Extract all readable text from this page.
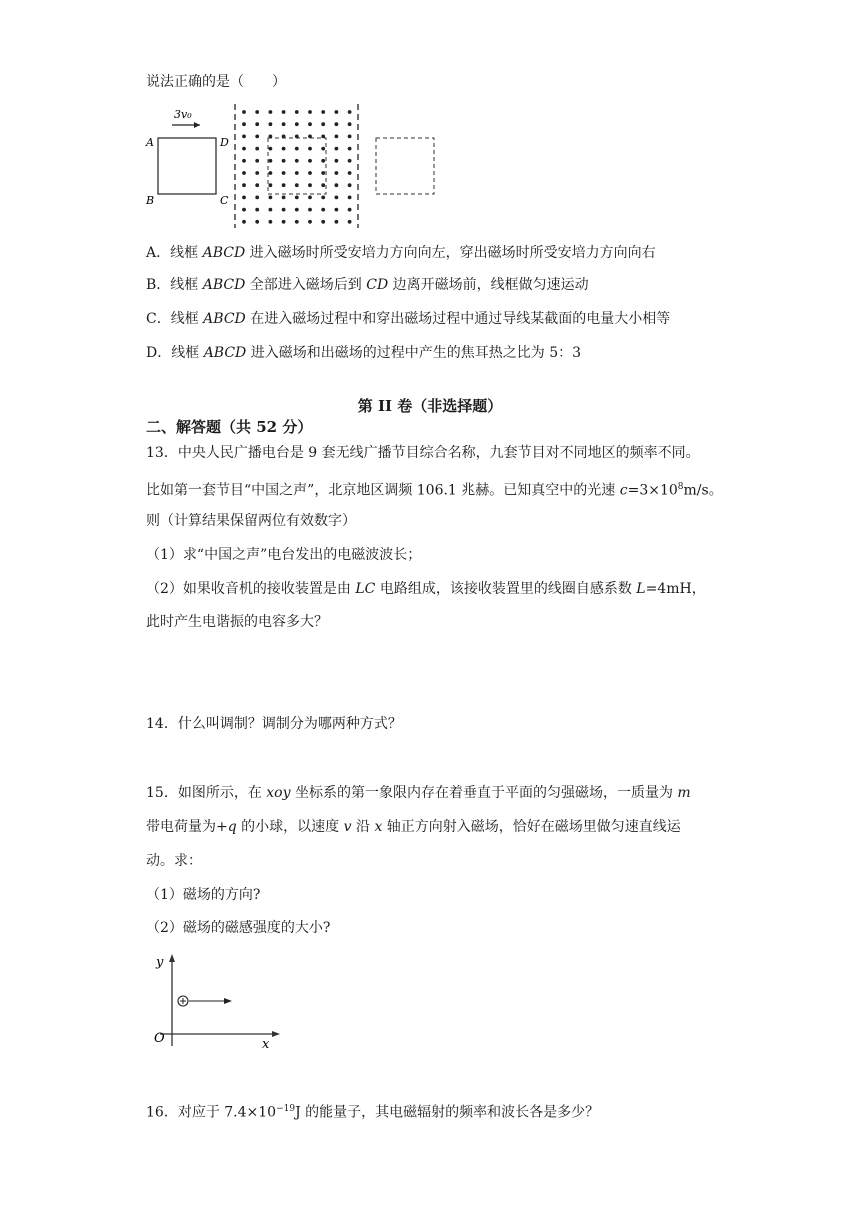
说法正确的是（　　）
3v₀
A
B	C
D
A．线框 ABCD 进入磁场时所受安培力方向向左，穿出磁场时所受安培力方向向右
B．线框 ABCD 全部进入磁场后到 CD 边离开磁场前，线框做匀速运动
C．线框 ABCD 在进入磁场过程中和穿出磁场过程中通过导线某截面的电量大小相等
D．线框 ABCD 进入磁场和出磁场的过程中产生的焦耳热之比为 5：3
第 II 卷（非选择题）
二、解答题（共 52 分）
13．中央人民广播电台是 9 套无线广播节目综合名称，九套节目对不同地区的频率不同。
比如第一套节目“中国之声”，北京地区调频 106.1 兆赫。已知真空中的光速 $c=3\times 10^8m/s$。
则（计算结果保留两位有效数字）
（1）求“中国之声”电台发出的电磁波波长；
（2）如果收音机的接收装置是由 LC 电路组成，该接收装置里的线圈自感系数 L=4mH，
此时产生电谐振的电容多大？
14．什么叫调制？调制分为哪两种方式？
15．如图所示，在 xoy 坐标系的第一象限内存在着垂直于平面的匀强磁场，一质量为 m
带电荷量为+q 的小球，以速度 v 沿 x 轴正方向射入磁场，恰好在磁场里做匀速直线运
动。求：
（1）磁场的方向?
（2）磁场的磁感强度的大小?
y
x
O
16．对应于 $7.4\times 10^{-19}J$ 的能量子，其电磁辐射的频率和波长各是多少？
